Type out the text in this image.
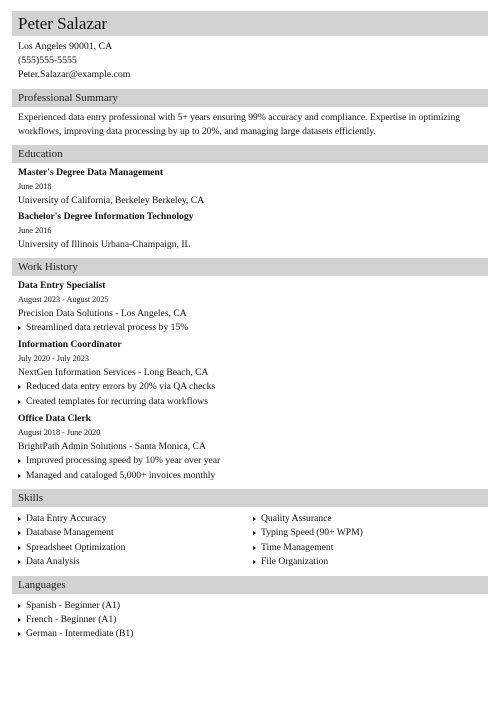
Peter Salazar
Los Angeles 90001, CA
(555)555-5555
Peter.Salazar@example.com
Professional Summary
Experienced data entry professional with 5+ years ensuring 99% accuracy and compliance. Expertise in optimizing workflows, improving data processing by up to 20%, and managing large datasets efficiently.
Education
Master's Degree Data Management
June 2018
University of California, Berkeley Berkeley, CA
Bachelor's Degree Information Technology
June 2016
University of Illinois Urbana-Champaign, IL
Work History
Data Entry Specialist
August 2023 - August 2025
Precision Data Solutions - Los Angeles, CA
Streamlined data retrieval process by 15%
Information Coordinator
July 2020 - July 2023
NextGen Information Services - Long Beach, CA
Reduced data entry errors by 20% via QA checks
Created templates for recurring data workflows
Office Data Clerk
August 2018 - June 2020
BrightPath Admin Solutions - Santa Monica, CA
Improved processing speed by 10% year over year
Managed and cataloged 5,000+ invoices monthly
Skills
Data Entry Accuracy
Database Management
Spreadsheet Optimization
Data Analysis
Quality Assurance
Typing Speed (90+ WPM)
Time Management
File Organization
Languages
Spanish - Beginner (A1)
French - Beginner (A1)
German - Intermediate (B1)
